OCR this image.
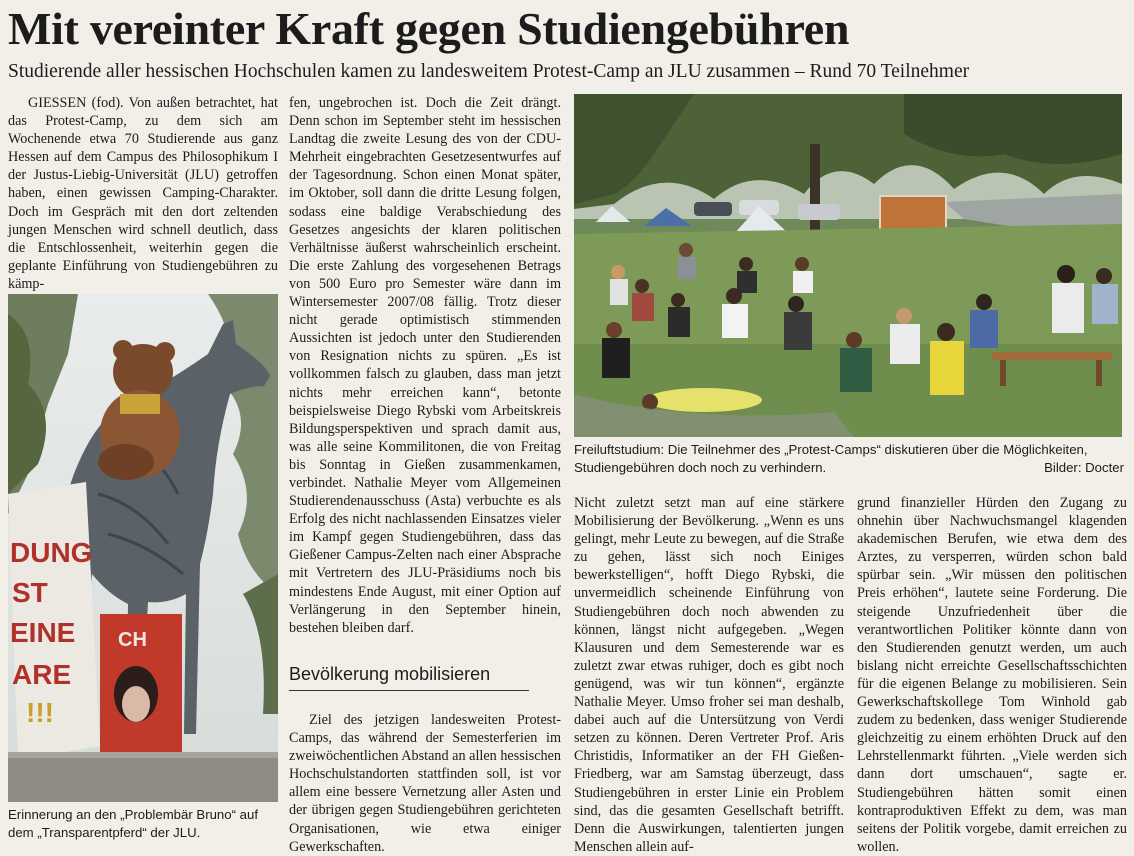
Mit vereinter Kraft gegen Studiengebühren
Studierende aller hessischen Hochschulen kamen zu landesweitem Protest-Camp an JLU zusammen – Rund 70 Teilnehmer

GIESSEN (fod). Von außen betrachtet, hat das Protest-Camp, zu dem sich am Wochenende etwa 70 Studierende aus ganz Hessen auf dem Campus des Philosophikum I der Justus-Liebig-Universität (JLU) getroffen haben, einen gewissen Camping-Charakter. Doch im Gespräch mit den dort zeltenden jungen Menschen wird schnell deutlich, dass die Entschlossenheit, weiterhin gegen die geplante Einführung von Studiengebühren zu kämp-

DUNG
ST
EINE
ARE
!!!
CH
Erinnerung an den „Problembär Bruno“ auf dem „Transparentpferd“ der JLU.

fen, ungebrochen ist. Doch die Zeit drängt. Denn schon im September steht im hessischen Landtag die zweite Lesung des von der CDU-Mehrheit eingebrachten Gesetzesentwurfes auf der Tagesordnung. Schon einen Monat später, im Oktober, soll dann die dritte Lesung folgen, sodass eine baldige Verabschiedung des Gesetzes angesichts der klaren politischen Verhältnisse äußerst wahrscheinlich erscheint. Die erste Zahlung des vorgesehenen Betrags von 500 Euro pro Semester wäre dann im Wintersemester 2007/08 fällig. Trotz dieser nicht gerade optimistisch stimmenden Aussichten ist jedoch unter den Studierenden von Resignation nichts zu spüren. „Es ist vollkommen falsch zu glauben, dass man jetzt nichts mehr erreichen kann“, betonte beispielsweise Diego Rybski vom Arbeitskreis Bildungsperspektiven und sprach damit aus, was alle seine Kommilitonen, die von Freitag bis Sonntag in Gießen zusammenkamen, verbindet. Nathalie Meyer vom Allgemeinen Studierendenausschuss (Asta) verbuchte es als Erfolg des nicht nachlassenden Einsatzes vieler im Kampf gegen Studiengebühren, dass das Gießener Campus-Zelten nach einer Absprache mit Vertretern des JLU-Präsidiums noch bis mindestens Ende August, mit einer Option auf Verlängerung in den September hinein, bestehen bleiben darf.

Bevölkerung mobilisieren

Ziel des jetzigen landesweiten Protest-Camps, das während der Semesterferien im zweiwöchentlichen Abstand an allen hessischen Hochschulstandorten stattfinden soll, ist vor allem eine bessere Vernetzung aller Asten und der übrigen gegen Studiengebühren gerichteten Organisationen, wie etwa einiger Gewerkschaften.

Freiluftstudium: Die Teilnehmer des „Protest-Camps“ diskutieren über die Möglichkeiten, Studiengebühren doch noch zu verhindern.	Bilder: Docter

Nicht zuletzt setzt man auf eine stärkere Mobilisierung der Bevölkerung. „Wenn es uns gelingt, mehr Leute zu bewegen, auf die Straße zu gehen, lässt sich noch Einiges bewerkstelligen“, hofft Diego Rybski, die unvermeidlich scheinende Einführung von Studiengebühren doch noch abwenden zu können, längst nicht aufgegeben. „Wegen Klausuren und dem Semesterende war es zuletzt zwar etwas ruhiger, doch es gibt noch genügend, was wir tun können“, ergänzte Nathalie Meyer. Umso froher sei man deshalb, dabei auch auf die Untersützung von Verdi setzen zu können. Deren Vertreter Prof. Aris Christidis, Informatiker an der FH Gießen-Friedberg, war am Samstag überzeugt, dass Studiengebühren in erster Linie ein Problem sind, das die gesamten Gesellschaft betrifft. Denn die Auswirkungen, talentierten jungen Menschen allein auf-

grund finanzieller Hürden den Zugang zu ohnehin über Nachwuchsmangel klagenden akademischen Berufen, wie etwa dem des Arztes, zu versperren, würden schon bald spürbar sein. „Wir müssen den politischen Preis erhöhen“, lautete seine Forderung. Die steigende Unzufriedenheit über die verantwortlichen Politiker könnte dann von den Studierenden genutzt werden, um auch bislang nicht erreichte Gesellschaftsschichten für die eigenen Belange zu mobilisieren. Sein Gewerkschaftskollege Tom Winhold gab zudem zu bedenken, dass weniger Studierende gleichzeitig zu einem erhöhten Druck auf den Lehrstellenmarkt führten. „Viele werden sich dann dort umschauen“, sagte er. Studiengebühren hätten somit einen kontraproduktiven Effekt zu dem, was man seitens der Politik vorgebe, damit erreichen zu wollen.
